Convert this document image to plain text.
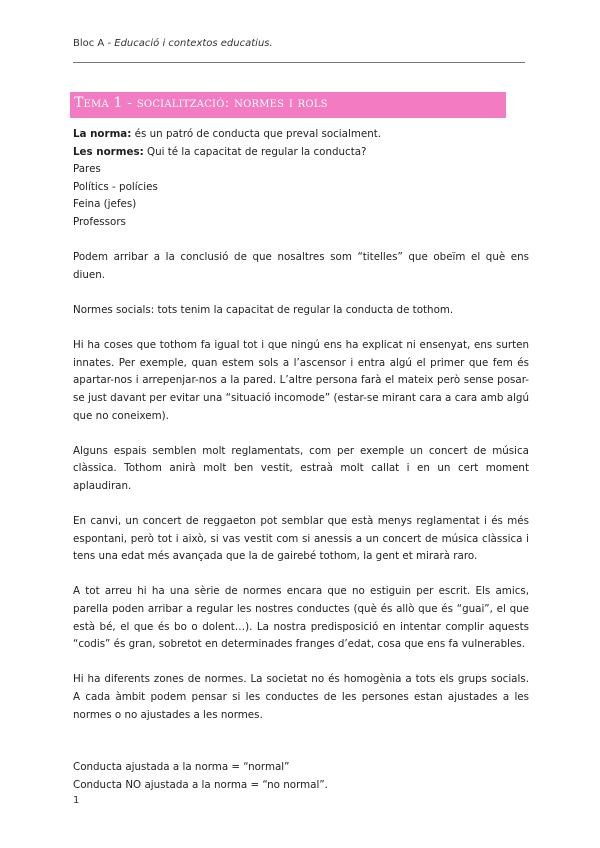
Bloc A - Educació i contextos educatius.
Tema 1 - socialització: normes i rols

La norma: és un patró de conducta que preval socialment.

Les normes: Qui té la capacitat de regular la conducta?

Pares

Polítics - polícies

Feina (jefes)

Professors

Podem arribar a la conclusió de que nosaltres som “titelles” que obeïm el què ens diuen.

Normes socials: tots tenim la capacitat de regular la conducta de tothom.

Hi ha coses que tothom fa igual tot i que ningú ens ha explicat ni ensenyat, ens surten innates. Per exemple, quan estem sols a l’ascensor i entra algú el primer que fem és apartar-nos i arrepenjar-nos a la pared. L’altre persona farà el mateix però sense posar-se just davant per evitar una “situació incomode” (estar-se mirant cara a cara amb algú que no coneixem).

Alguns espais semblen molt reglamentats, com per exemple un concert de música clàssica. Tothom anirà molt ben vestit, estraà molt callat i en un cert moment aplaudiran.

En canvi, un concert de reggaeton pot semblar que està menys reglamentat i és més espontani, però tot i això, si vas vestit com si anessis a un concert de música clàssica i tens una edat més avançada que la de gairebé tothom, la gent et mirarà raro.

A tot arreu hi ha una sèrie de normes encara que no estiguin per escrit. Els amics, parella poden arribar a regular les nostres conductes (què és allò que és “guai”, el que està bé, el que és bo o dolent…). La nostra predisposició en intentar complir aquests “codis” és gran, sobretot en determinades franges d’edat, cosa que ens fa vulnerables.

Hi ha diferents zones de normes. La societat no és homogènia a tots els grups socials. A cada àmbit podem pensar si les conductes de les persones estan ajustades a les normes o no ajustades a les normes.

Conducta ajustada a la norma = “normal”

Conducta NO ajustada a la norma = “no normal”.

1
